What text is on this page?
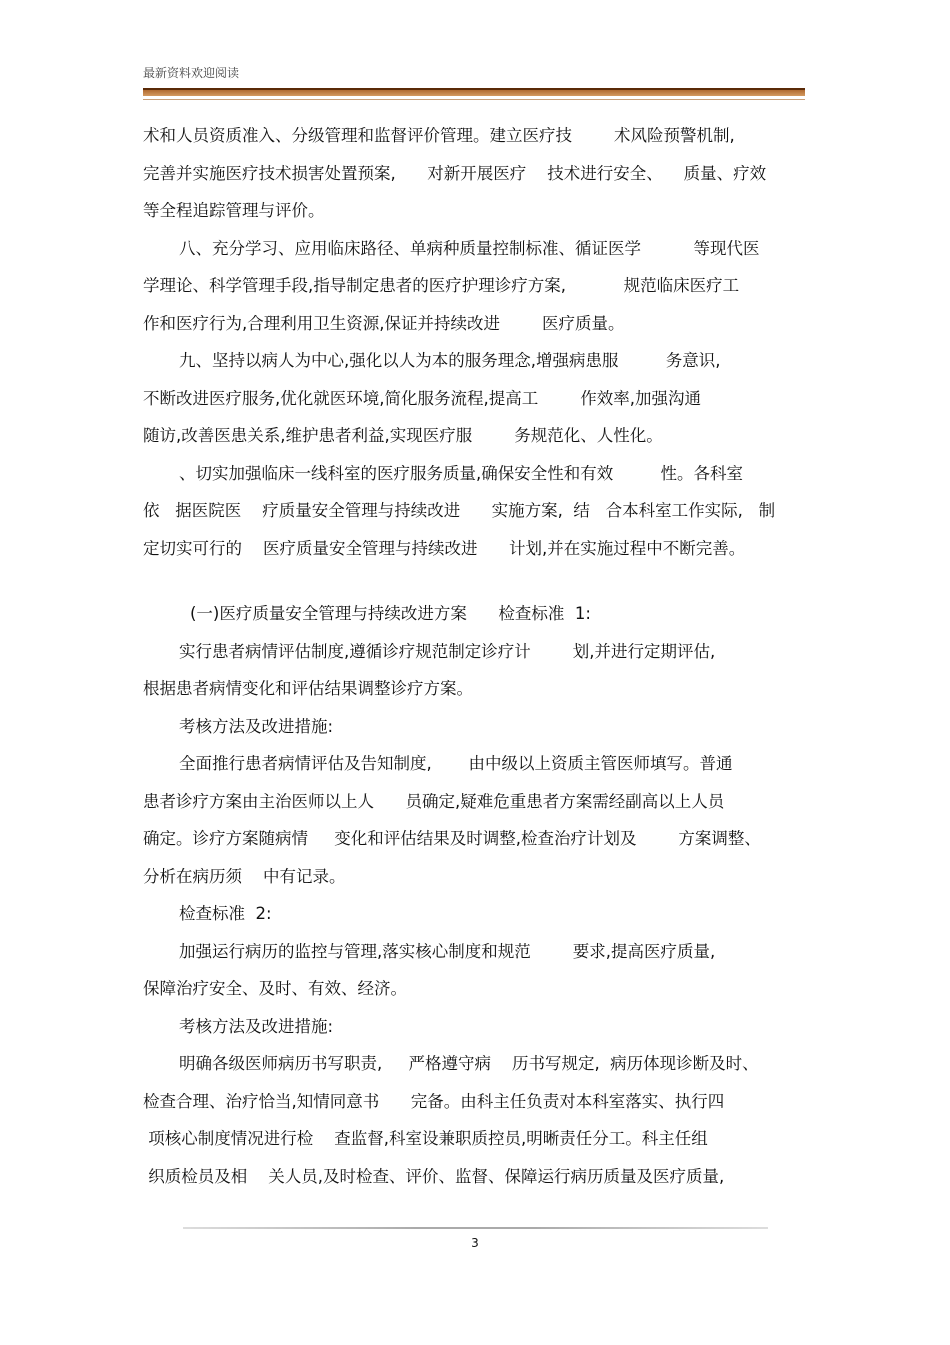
最新资料欢迎阅读

术和人员资质准入、分级管理和监督评价管理。建立医疗技        术风险预警机制,

完善并实施医疗技术损害处置预案,      对新开展医疗    技术进行安全、    质量、疗效

等全程追踪管理与评价。

八、充分学习、应用临床路径、单病种质量控制标准、循证医学          等现代医

学理论、科学管理手段,指导制定患者的医疗护理诊疗方案,           规范临床医疗工

作和医疗行为,合理利用卫生资源,保证并持续改进        医疗质量。

九、坚持以病人为中心,强化以人为本的服务理念,增强病患服         务意识,

不断改进医疗服务,优化就医环境,简化服务流程,提高工        作效率,加强沟通

随访,改善医患关系,维护患者利益,实现医疗服        务规范化、人性化。

、切实加强临床一线科室的医疗服务质量,确保安全性和有效         性。各科室

依   据医院医    疗质量安全管理与持续改进      实施方案,  结   合本科室工作实际,   制

定切实可行的    医疗质量安全管理与持续改进      计划,并在实施过程中不断完善。

(一)医疗质量安全管理与持续改进方案      检查标准  1:

实行患者病情评估制度,遵循诊疗规范制定诊疗计        划,并进行定期评估,

根据患者病情变化和评估结果调整诊疗方案。

考核方法及改进措施:

全面推行患者病情评估及告知制度,       由中级以上资质主管医师填写。普通

患者诊疗方案由主治医师以上人      员确定,疑难危重患者方案需经副高以上人员

确定。诊疗方案随病情     变化和评估结果及时调整,检查治疗计划及        方案调整、

分析在病历须    中有记录。

检查标准  2:

加强运行病历的监控与管理,落实核心制度和规范        要求,提高医疗质量,

保障治疗安全、及时、有效、经济。

考核方法及改进措施:

明确各级医师病历书写职责,     严格遵守病    历书写规定,  病历体现诊断及时、

检查合理、治疗恰当,知情同意书      完备。由科主任负责对本科室落实、执行四

项核心制度情况进行检    查监督,科室设兼职质控员,明晰责任分工。科主任组

织质检员及相    关人员,及时检查、评价、监督、保障运行病历质量及医疗质量,

3
